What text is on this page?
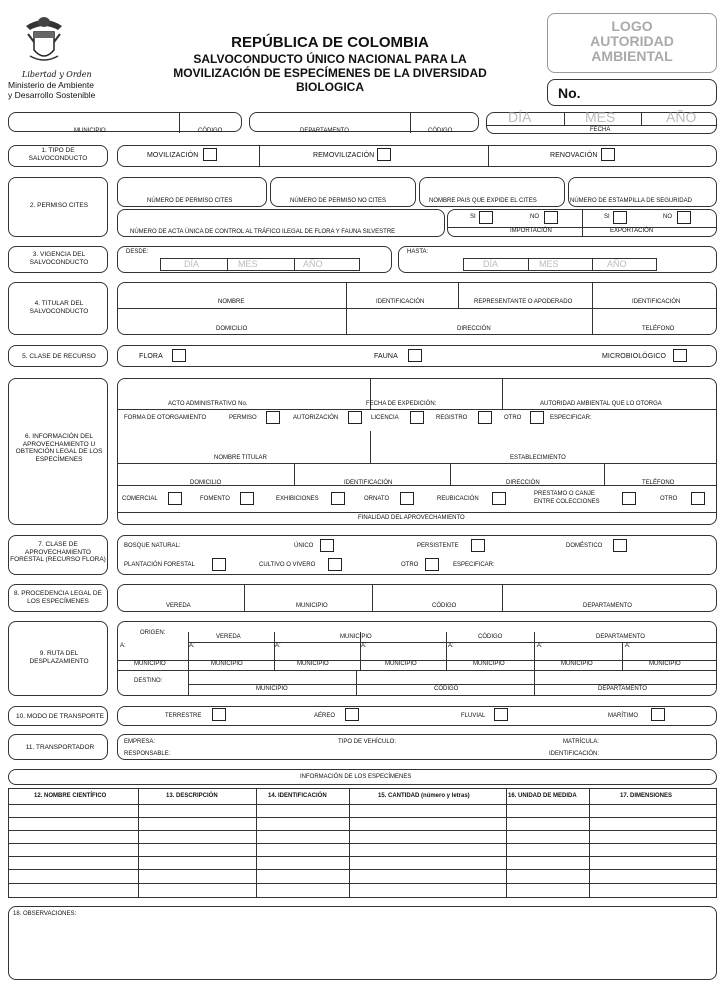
Libertad y Orden
Ministerio de Ambiente
y Desarrollo Sostenible
REPÚBLICA DE COLOMBIA
SALVOCONDUCTO ÚNICO NACIONAL PARA LA
MOVILIZACIÓN DE ESPECÍMENES DE LA DIVERSIDAD
BIOLOGICA
LOGO
AUTORIDAD
AMBIENTAL
No.
MUNICIPIO	CÓDIGO	DEPARTAMENTO	CÓDIGO
DÍA	MES	AÑO
FECHA
1. TIPO DE SALVOCONDUCTO	MOVILIZACIÓN	REMOVILIZACIÓN	RENOVACIÓN
2. PERMISO CITES
NÚMERO DE PERMISO CITES	NÚMERO DE PERMISO NO CITES	NOMBRE PAIS QUE EXPIDE EL CITES	NÚMERO DE ESTAMPILLA DE SEGURIDAD
NÚMERO DE ACTA ÚNICA DE CONTROL AL TRÁFICO ILEGAL DE FLORA Y FAUNA SILVESTRE
SI	NO	SI	NO
IMPORTACIÓN	EXPORTACIÓN
3. VIGENCIA DEL SALVOCONDUCTO
DESDE:
DÍA	MES	AÑO
HASTA:
DÍA	MES	AÑO
4. TITULAR DEL SALVOCONDUCTO
NOMBRE	IDENTIFICACIÓN	REPRESENTANTE O APODERADO	IDENTIFICACIÓN
DOMICILIO	DIRECCIÓN	TELÉFONO
5. CLASE DE RECURSO	FLORA	FAUNA	MICROBIOLÓGICO
6. INFORMACIÓN DEL APROVECHAMIENTO U OBTENCIÓN LEGAL DE LOS ESPECÍMENES
ACTO ADMINISTRATIVO No.	FECHA DE EXPEDICIÓN:	AUTORIDAD AMBIENTAL QUE LO OTORGA
FORMA DE OTORGAMIENTO	PERMISO	AUTORIZACIÓN	LICENCIA	REGISTRO	OTRO	ESPECIFICAR:
NOMBRE TITULAR	ESTABLECIMIENTO
DOMICILIO	IDENTIFICACIÓN	DIRECCIÓN	TELÉFONO
COMERCIAL	FOMENTO	EXHIBICIONES	ORNATO	REUBICACIÓN
PRESTAMO O CANJE
ENTRE COLECCIONES	OTRO
FINALIDAD DEL APROVECHAMIENTO
7. CLASE DE APROVECHAMIENTO FORESTAL (RECURSO FLORA)
BOSQUE NATURAL:	ÚNICO	PERSISTENTE	DOMÉSTICO
PLANTACIÓN FORESTAL	CULTIVO O VIVERO	OTRO	ESPECIFICAR:
8. PROCEDENCIA LEGAL DE LOS ESPECÍMENES
VEREDA	MUNICIPIO	CÓDIGO	DEPARTAMENTO
9. RUTA DEL DESPLAZAMIENTO
ORIGEN:
VEREDA	MUNICIPIO	CÓDIGO	DEPARTAMENTO
A:	A:	A:	A:	A:	A:	A:
MUNICIPIO	MUNICIPIO	MUNICIPIO	MUNICIPIO	MUNICIPIO	MUNICIPIO	MUNICIPIO
DESTINO:
MUNICIPIO	CÓDIGO	DEPARTAMENTO
10. MODO DE TRANSPORTE	TERRESTRE	AÉREO	FLUVIAL	MARÍTIMO
11. TRANSPORTADOR
EMPRESA:	TIPO DE VEHÍCULO:	MATRÍCULA:
RESPONSABLE:	IDENTIFICACIÓN:
INFORMACIÓN DE LOS ESPECÍMENES
12. NOMBRE CIENTÍFICO	13. DESCRIPCIÓN	14. IDENTIFICACIÓN	15. CANTIDAD (número y letras)	16. UNIDAD DE MEDIDA	17. DIMENSIONES
18. OBSERVACIONES:
